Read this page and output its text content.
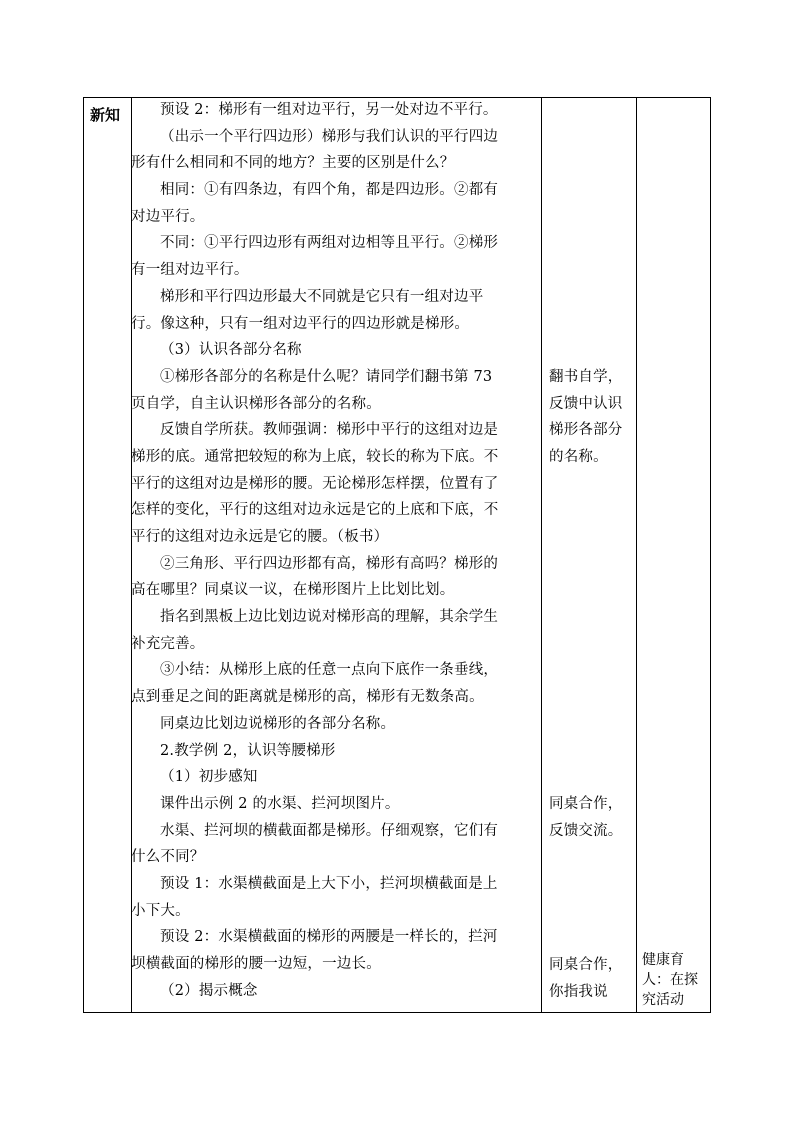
新知	预设 2：梯形有一组对边平行，另一处对边不平行。
（出示一个平行四边形）梯形与我们认识的平行四边
形有什么相同和不同的地方？主要的区别是什么？
相同：①有四条边，有四个角，都是四边形。②都有
对边平行。
不同：①平行四边形有两组对边相等且平行。②梯形
有一组对边平行。
梯形和平行四边形最大不同就是它只有一组对边平
行。像这种，只有一组对边平行的四边形就是梯形。
（3）认识各部分名称
①梯形各部分的名称是什么呢？请同学们翻书第 73
页自学，自主认识梯形各部分的名称。
反馈自学所获。教师强调：梯形中平行的这组对边是
梯形的底。通常把较短的称为上底，较长的称为下底。不
平行的这组对边是梯形的腰。无论梯形怎样摆，位置有了
怎样的变化，平行的这组对边永远是它的上底和下底，不
平行的这组对边永远是它的腰。（板书）
②三角形、平行四边形都有高，梯形有高吗？梯形的
高在哪里？同桌议一议，在梯形图片上比划比划。
指名到黑板上边比划边说对梯形高的理解，其余学生
补充完善。
③小结：从梯形上底的任意一点向下底作一条垂线，
点到垂足之间的距离就是梯形的高，梯形有无数条高。
同桌边比划边说梯形的各部分名称。
2.教学例 2，认识等腰梯形
（1）初步感知
课件出示例 2 的水渠、拦河坝图片。
水渠、拦河坝的横截面都是梯形。仔细观察，它们有
什么不同？
预设 1：水渠横截面是上大下小，拦河坝横截面是上
小下大。
预设 2：水渠横截面的梯形的两腰是一样长的，拦河
坝横截面的梯形的腰一边短，一边长。
（2）揭示概念
翻书自学，
反馈中认识
梯形各部分
的名称。
同桌合作，
反馈交流。
同桌合作，
你指我说
健康育
人：在探
究活动
